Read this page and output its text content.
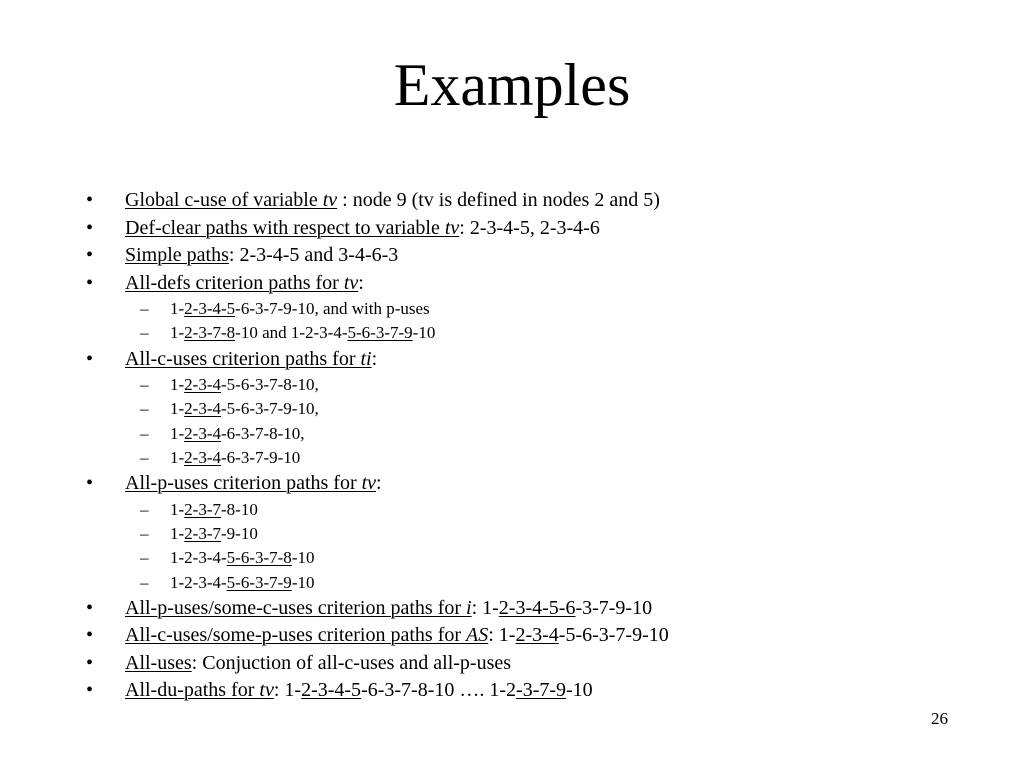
Examples
• Global c-use of variable tv : node 9 (tv is defined in nodes 2 and 5)
• Def-clear paths with respect to variable tv: 2-3-4-5, 2-3-4-6
• Simple paths: 2-3-4-5 and 3-4-6-3
• All-defs criterion paths for tv:
– 1-2-3-4-5-6-3-7-9-10, and with p-uses
– 1-2-3-7-8-10 and 1-2-3-4-5-6-3-7-9-10
• All-c-uses criterion paths for ti:
– 1-2-3-4-5-6-3-7-8-10,
– 1-2-3-4-5-6-3-7-9-10,
– 1-2-3-4-6-3-7-8-10,
– 1-2-3-4-6-3-7-9-10
• All-p-uses criterion paths for tv:
– 1-2-3-7-8-10
– 1-2-3-7-9-10
– 1-2-3-4-5-6-3-7-8-10
– 1-2-3-4-5-6-3-7-9-10
• All-p-uses/some-c-uses criterion paths for i: 1-2-3-4-5-6-3-7-9-10
• All-c-uses/some-p-uses criterion paths for AS: 1-2-3-4-5-6-3-7-9-10
• All-uses: Conjuction of all-c-uses and all-p-uses
• All-du-paths for tv: 1-2-3-4-5-6-3-7-8-10 …. 1-2-3-7-9-10
26
